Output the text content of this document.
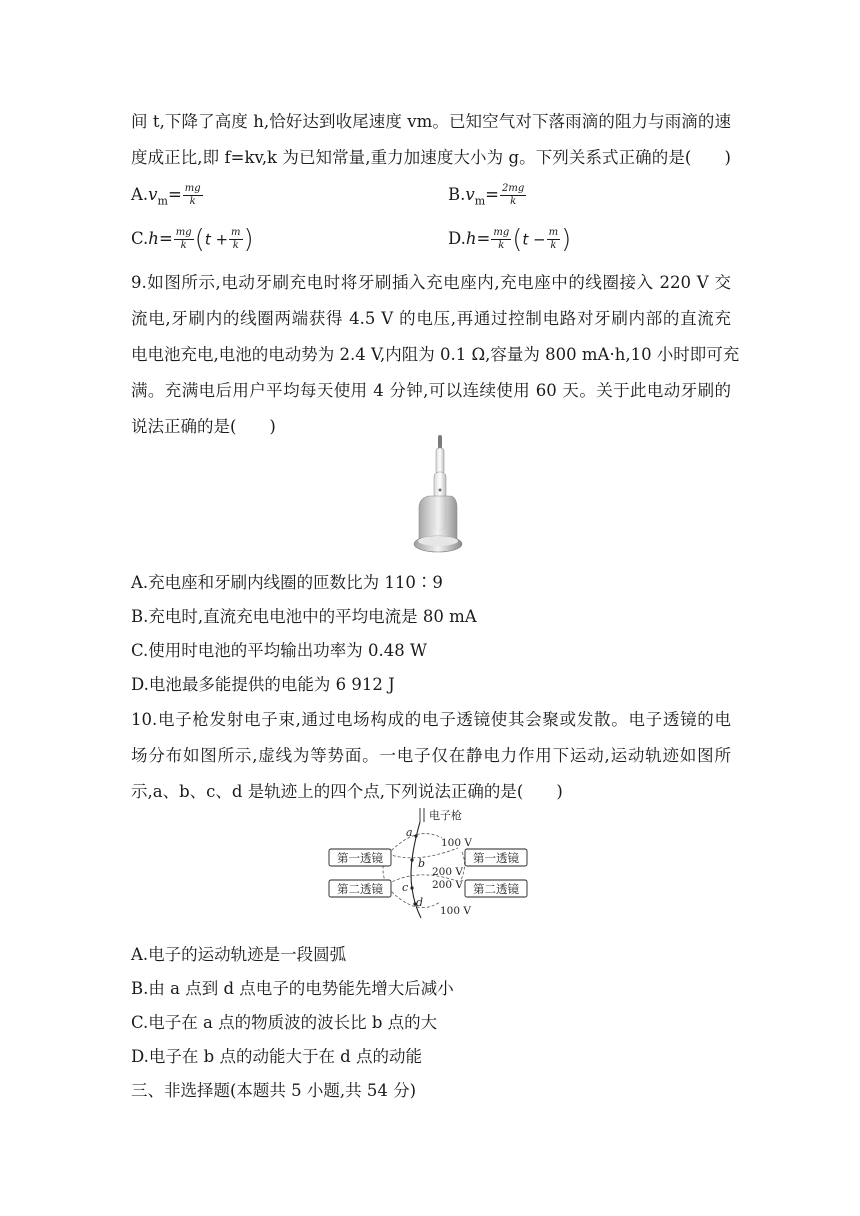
间 t,下降了高度 h,恰好达到收尾速度 vm。已知空气对下落雨滴的阻力与雨滴的速
度成正比,即 f=kv,k 为已知常量,重力加速度大小为 g。下列关系式正确的是(　　)
$A.v_m= \frac{mg}{k}$	$B.v_m= \frac{2mg}{k}$
$C.h= \frac{mg}{k} (t + \frac{m}{k}$ )	$D.h= \frac{mg}{k} (t - \frac{m}{k}$ )
9.如图所示,电动牙刷充电时将牙刷插入充电座内,充电座中的线圈接入 220 V 交
流电,牙刷内的线圈两端获得 4.5 V 的电压,再通过控制电路对牙刷内部的直流充
电电池充电,电池的电动势为 2.4 V,内阻为 0.1 Ω,容量为 800 mA·h,10 小时即可充
满。充满电后用户平均每天使用 4 分钟,可以连续使用 60 天。关于此电动牙刷的
说法正确的是(　　)
A.充电座和牙刷内线圈的匝数比为 110∶9
B.充电时,直流充电电池中的平均电流是 80 mA
C.使用时电池的平均输出功率为 0.48 W
D.电池最多能提供的电能为 6 912 J
10.电子枪发射电子束,通过电场构成的电子透镜使其会聚或发散。电子透镜的电
场分布如图所示,虚线为等势面。一电子仅在静电力作用下运动,运动轨迹如图所
示,a、b、c、d 是轨迹上的四个点,下列说法正确的是(　　)
电子枪
第一透镜	第一透镜
第二透镜	第二透镜
100 V
200 V
200 V
100 V
a
b
c
d
A.电子的运动轨迹是一段圆弧
B.由 a 点到 d 点电子的电势能先增大后减小
C.电子在 a 点的物质波的波长比 b 点的大
D.电子在 b 点的动能大于在 d 点的动能
三、非选择题(本题共 5 小题,共 54 分)
